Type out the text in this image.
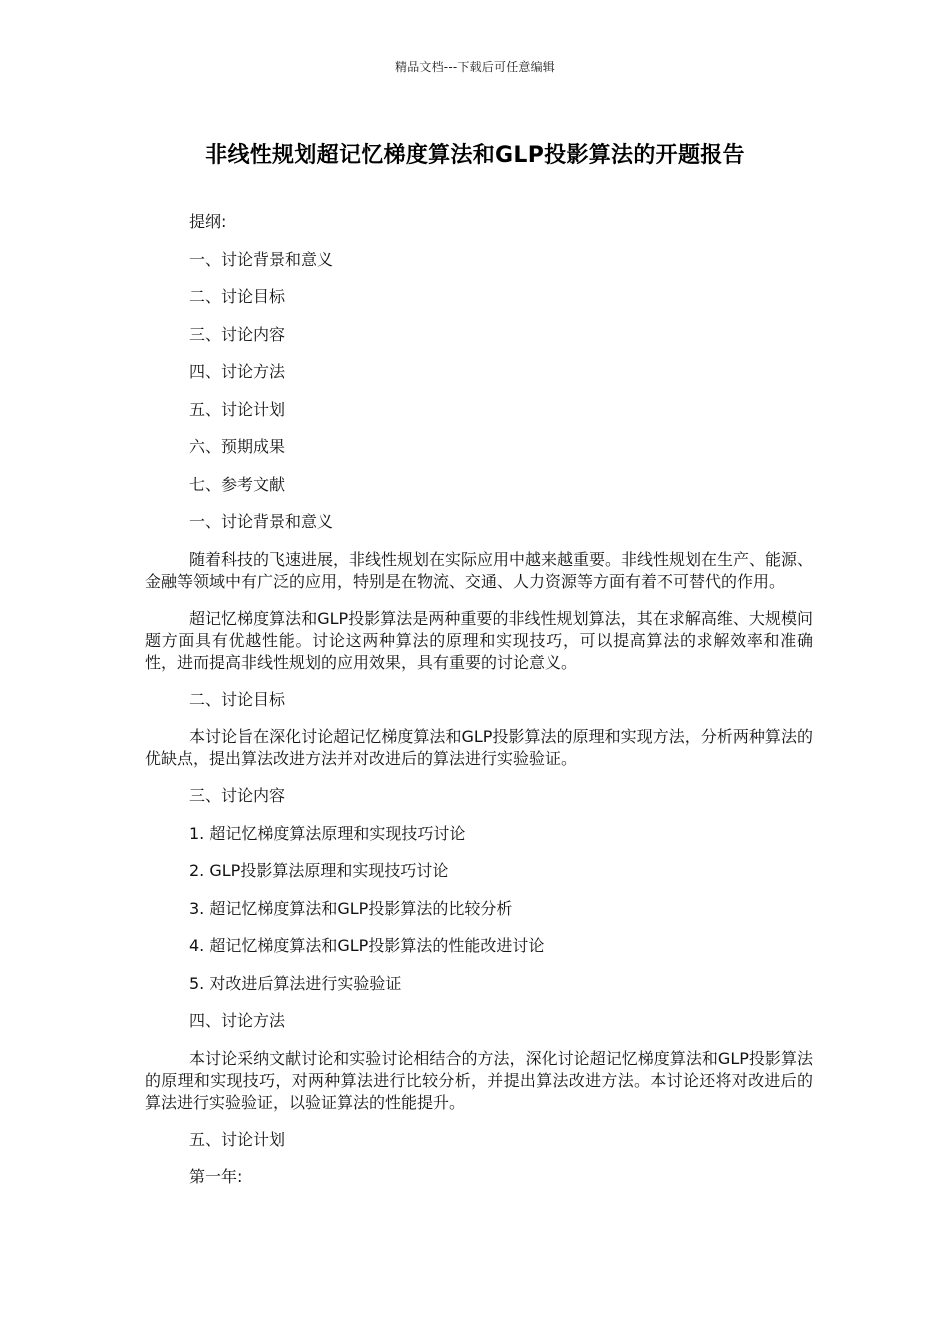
精品文档---下载后可任意编辑
非线性规划超记忆梯度算法和GLP投影算法的开题报告
提纲:
一、讨论背景和意义
二、讨论目标
三、讨论内容
四、讨论方法
五、讨论计划
六、预期成果
七、参考文献
一、讨论背景和意义

随着科技的飞速进展，非线性规划在实际应用中越来越重要。非线性规划在生产、能源、金融等领域中有广泛的应用，特别是在物流、交通、人力资源等方面有着不可替代的作用。

超记忆梯度算法和GLP投影算法是两种重要的非线性规划算法，其在求解高维、大规模问题方面具有优越性能。讨论这两种算法的原理和实现技巧，可以提高算法的求解效率和准确性，进而提高非线性规划的应用效果，具有重要的讨论意义。

二、讨论目标

本讨论旨在深化讨论超记忆梯度算法和GLP投影算法的原理和实现方法，分析两种算法的优缺点，提出算法改进方法并对改进后的算法进行实验验证。

三、讨论内容
1. 超记忆梯度算法原理和实现技巧讨论
2. GLP投影算法原理和实现技巧讨论
3. 超记忆梯度算法和GLP投影算法的比较分析
4. 超记忆梯度算法和GLP投影算法的性能改进讨论
5. 对改进后算法进行实验验证
四、讨论方法

本讨论采纳文献讨论和实验讨论相结合的方法，深化讨论超记忆梯度算法和GLP投影算法的原理和实现技巧，对两种算法进行比较分析，并提出算法改进方法。本讨论还将对改进后的算法进行实验验证，以验证算法的性能提升。

五、讨论计划
第一年:
